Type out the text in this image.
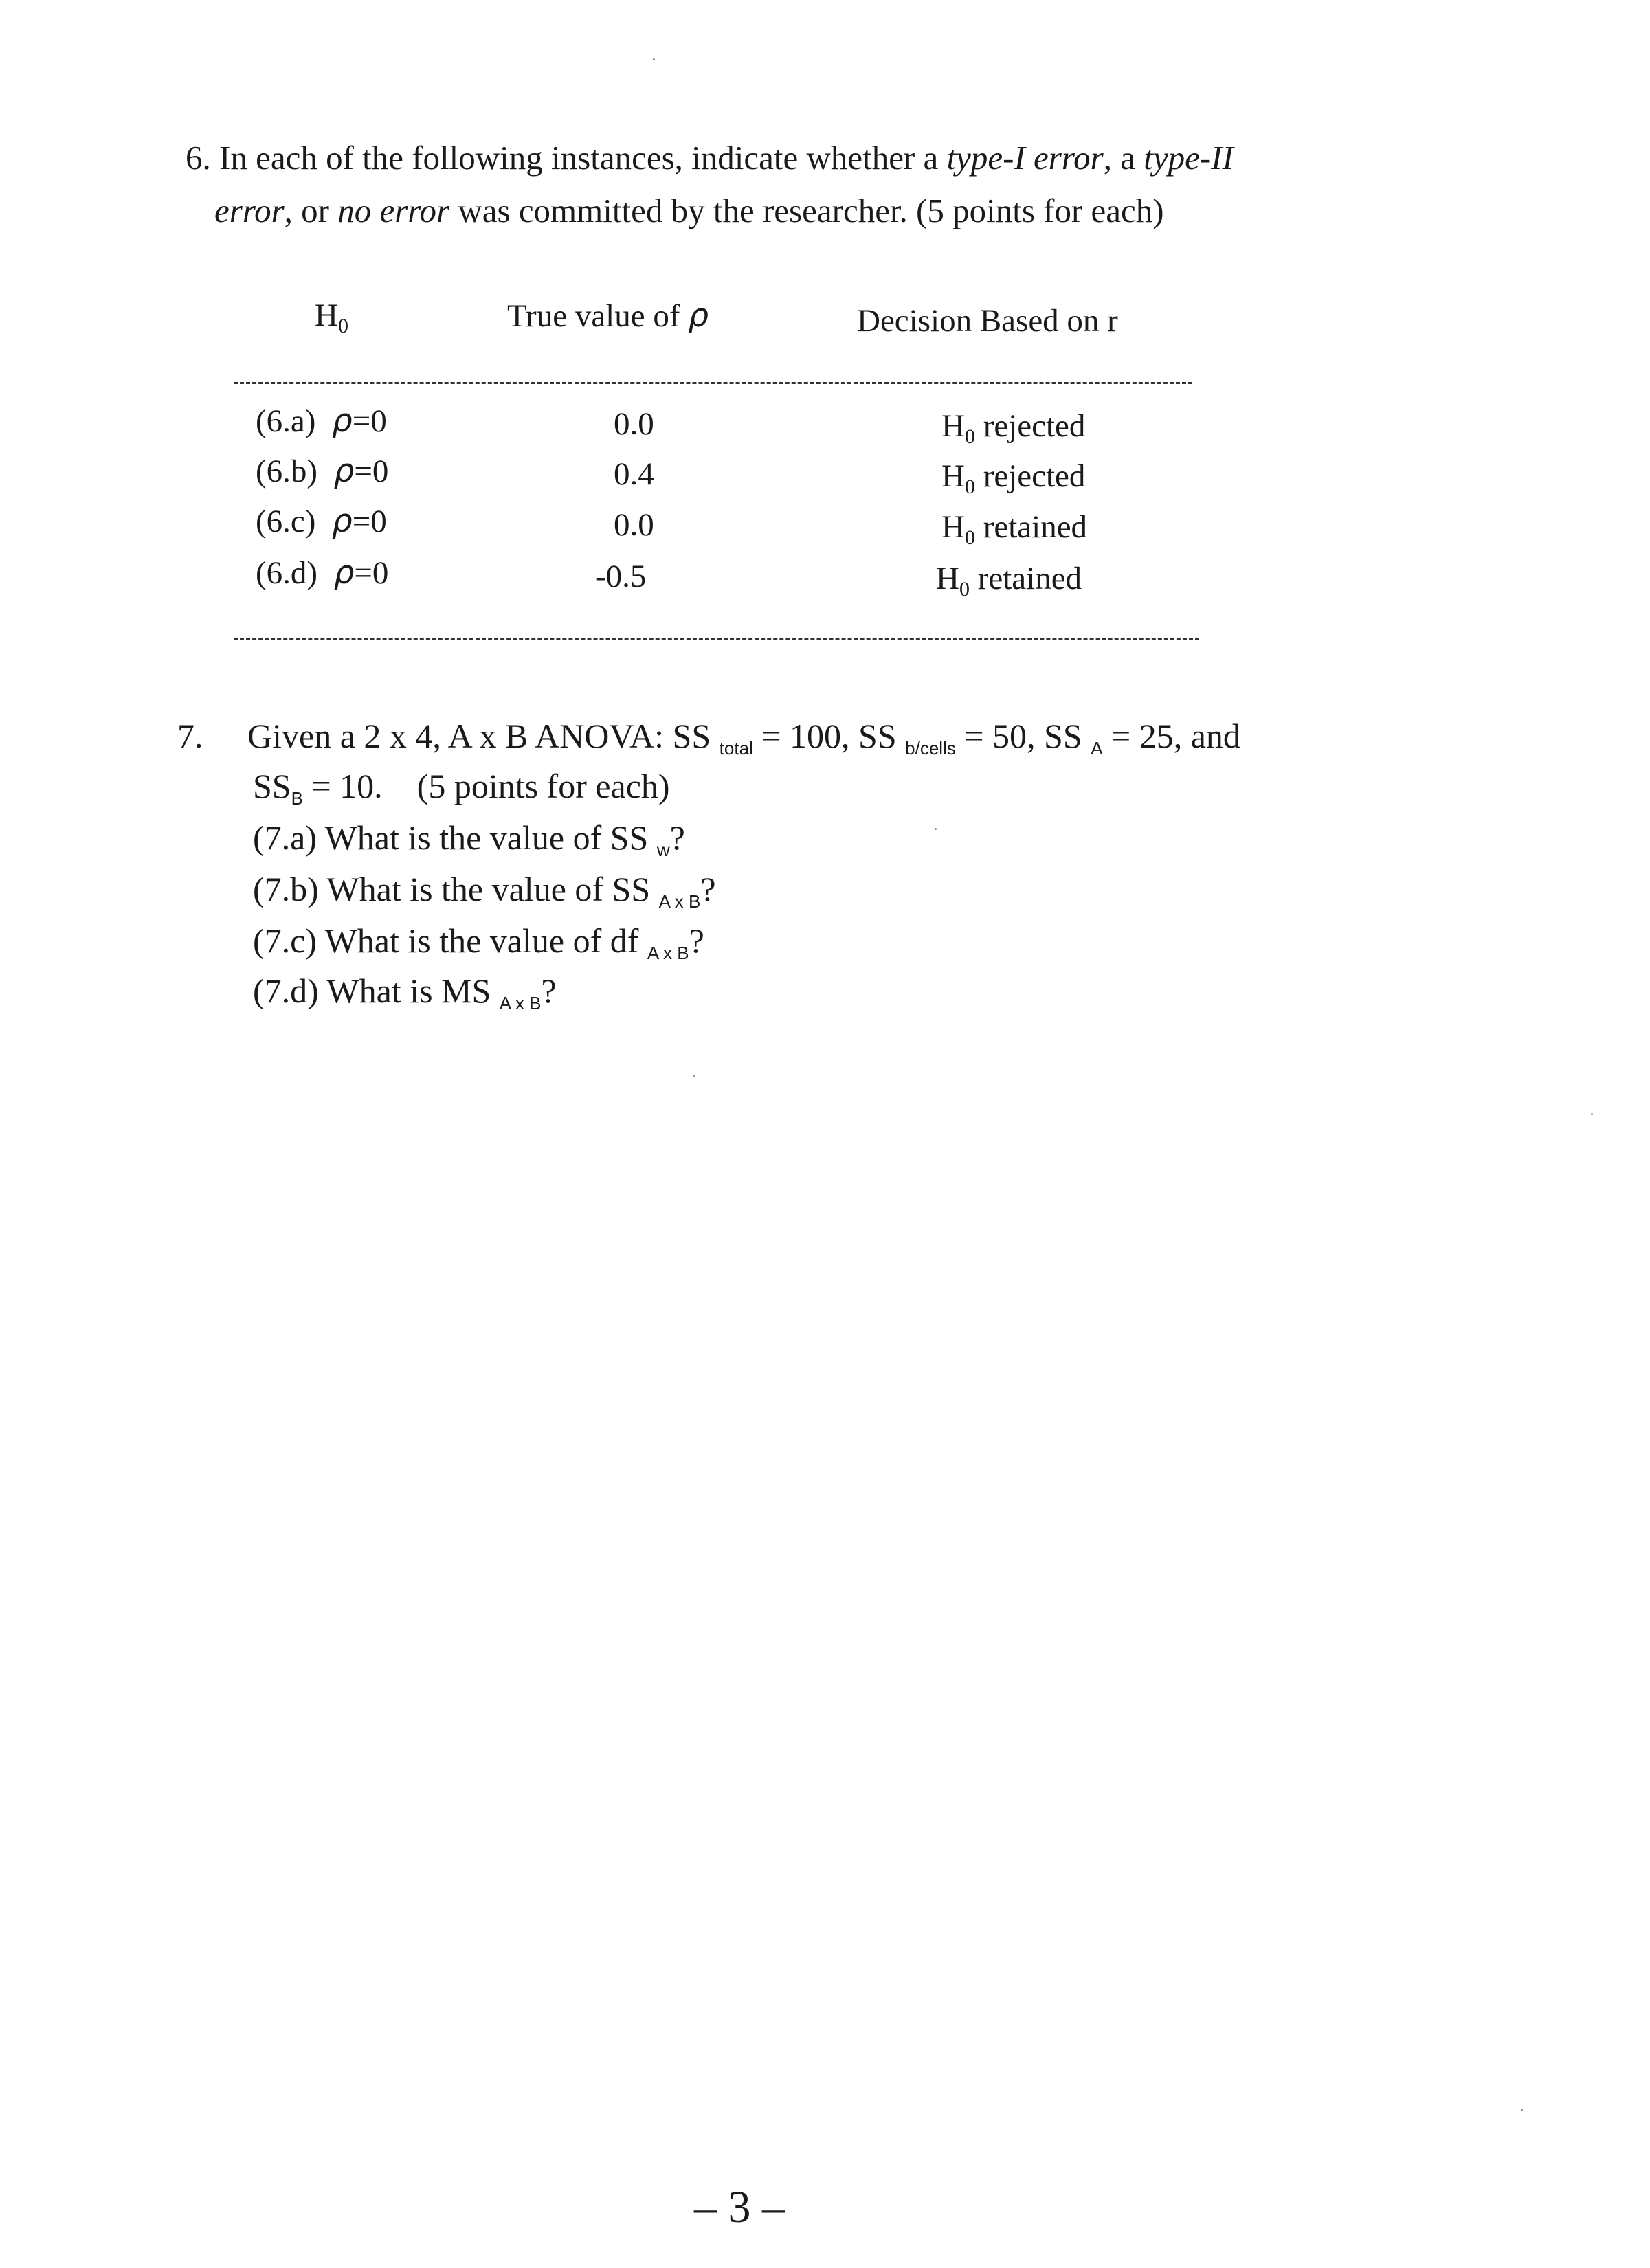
6. In each of the following instances, indicate whether a type-I error, a type-II
error, or no error was committed by the researcher. (5 points for each)
$H_0$	True value of ρ	Decision Based on r
(6.a) ρ=0	0.0	$H_0$ rejected
(6.b) ρ=0	0.4	$H_0$ rejected
(6.c) ρ=0	0.0	$H_0$ retained
(6.d) ρ=0	-0.5	$H_0$ retained
7. Given a 2 x 4, A x B ANOVA: SS $_{total}$ = 100, SS $_{b/cells}$ = 50, SS $_A$ = 25, and
$SS_B = 10$.    (5 points for each)
(7.a) What is the value of SS $_w$?
(7.b) What is the value of SS $_{A x B}$?
(7.c) What is the value of df $_{A x B}$?
(7.d) What is MS $_{A x B}$?
– 3 –
